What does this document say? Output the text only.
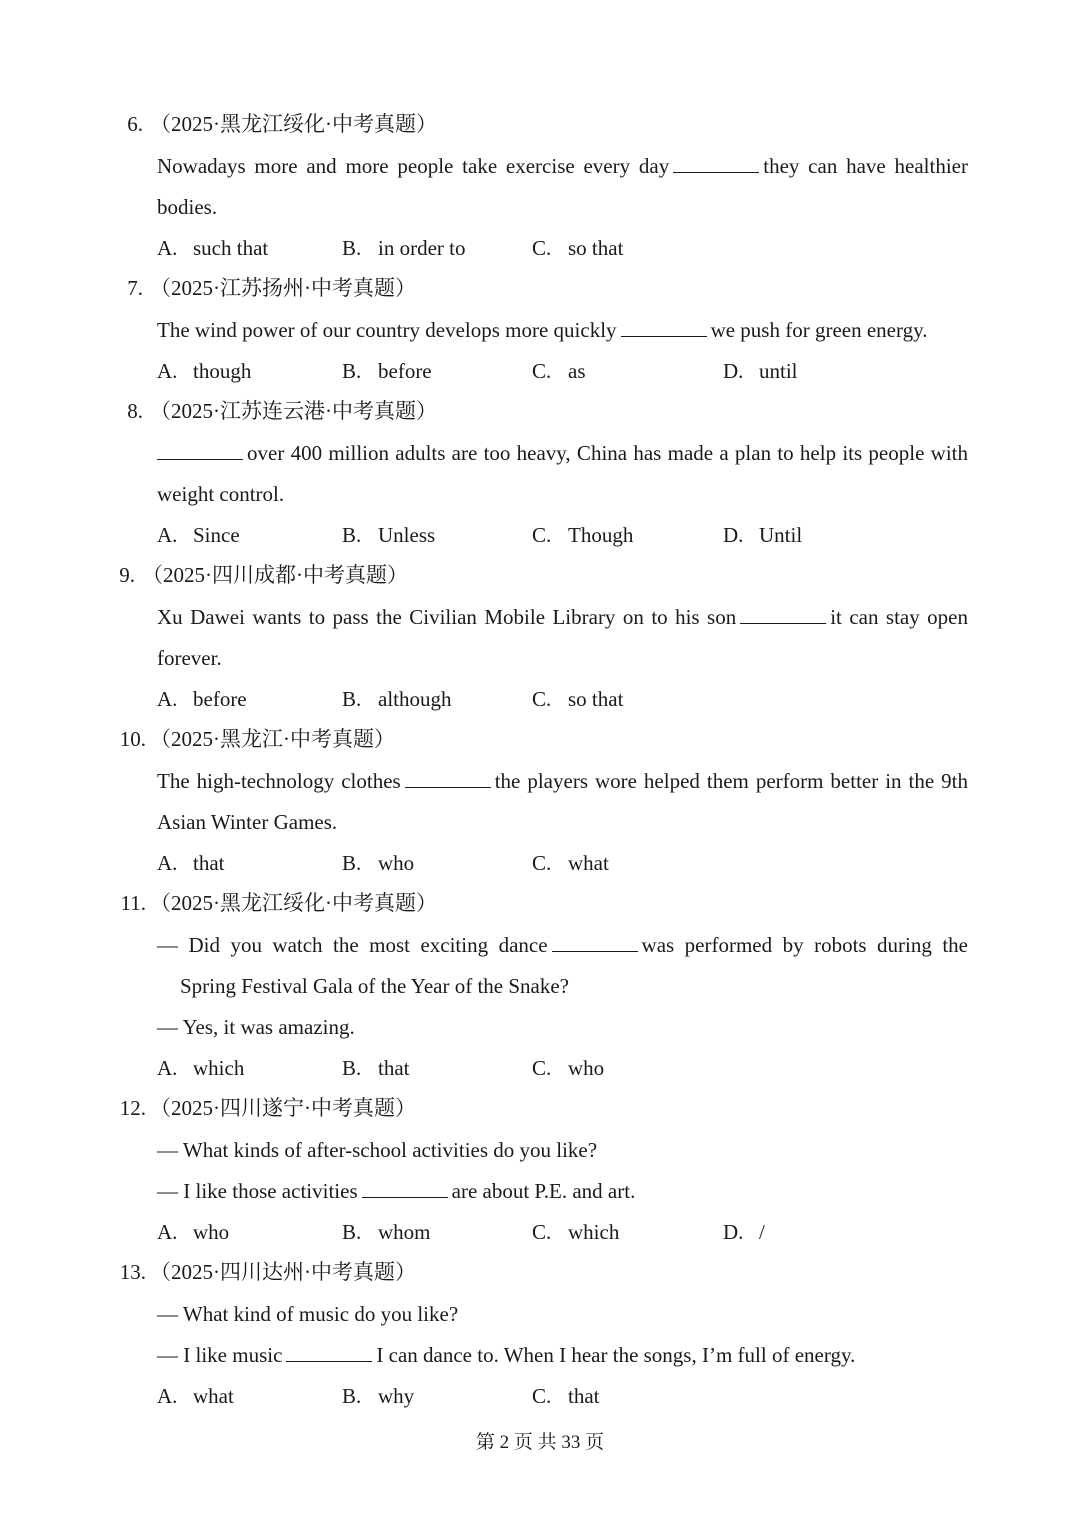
6. （2025·黑龙江绥化·中考真题）
Nowadays more and more people take exercise every day	they can have healthier
bodies.
A. such that	B. in order to	C. so that
7. （2025·江苏扬州·中考真题）
The wind power of our country develops more quickly	we push for green energy.
A. though	B. before	C. as	D. until
8. （2025·江苏连云港·中考真题）
over 400 million adults are too heavy, China has made a plan to help its people with
weight control.
A. Since	B. Unless	C. Though	D. Until
9. （2025·四川成都·中考真题）
Xu Dawei wants to pass the Civilian Mobile Library on to his son	it can stay open
forever.
A. before	B. although	C. so that
10. （2025·黑龙江·中考真题）
The high-technology clothes	the players wore helped them perform better in the 9th
Asian Winter Games.
A. that	B. who	C. what
11. （2025·黑龙江绥化·中考真题）
— Did you watch the most exciting dance	was performed by robots during the
Spring Festival Gala of the Year of the Snake?
— Yes, it was amazing.
A. which	B. that	C. who
12. （2025·四川遂宁·中考真题）
— What kinds of after-school activities do you like?
— I like those activities	are about P.E. and art.
A. who	B. whom	C. which	D. /
13. （2025·四川达州·中考真题）
— What kind of music do you like?
— I like music	I can dance to. When I hear the songs, I’m full of energy.
A. what	B. why	C. that
第 2 页 共 33 页
